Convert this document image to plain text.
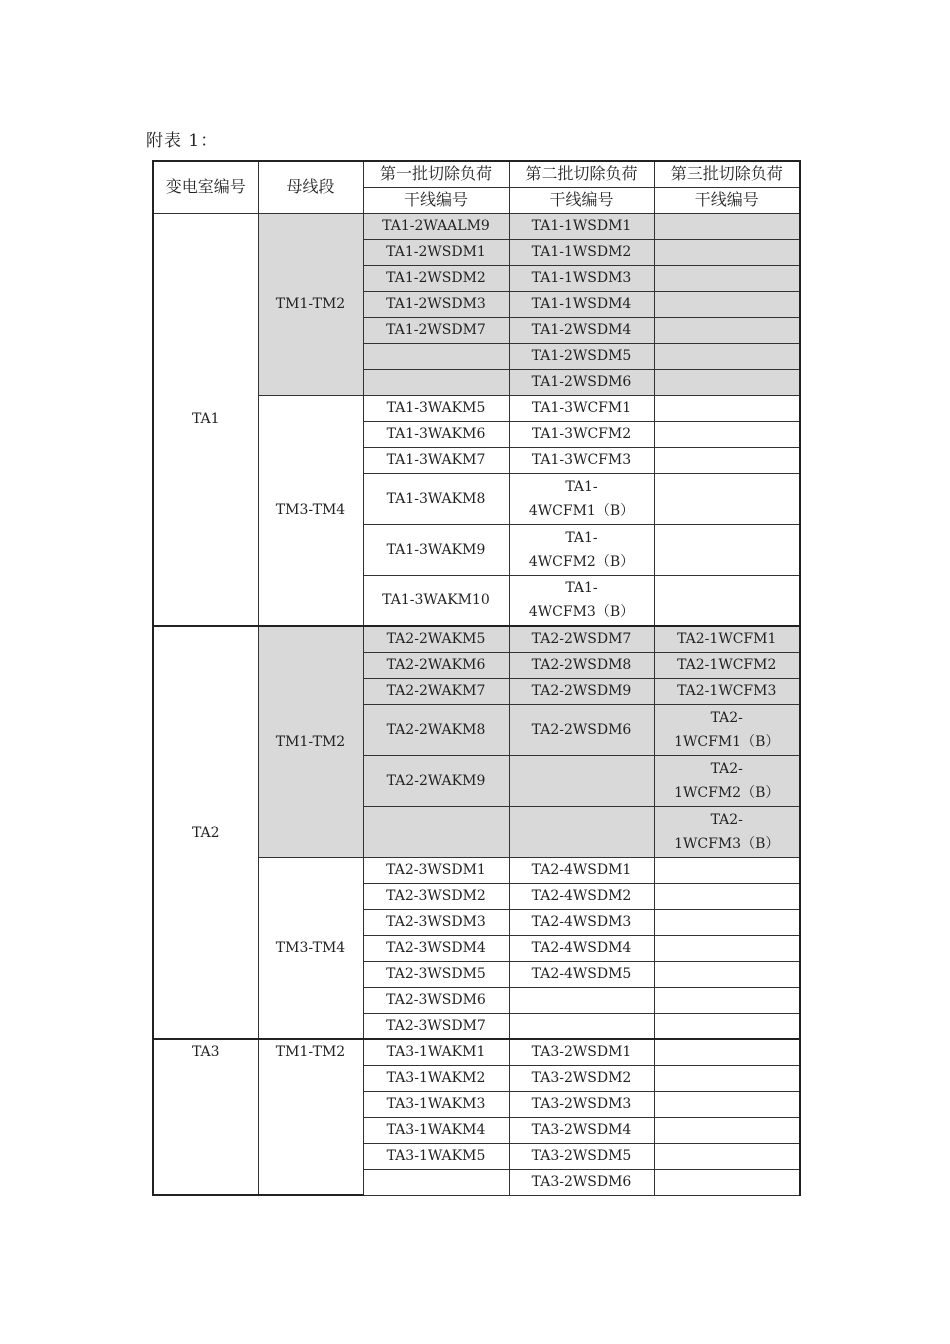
附表 1：
变电室编号	母线段	第一批切除负荷	第二批切除负荷	第三批切除负荷
		干线编号	干线编号	干线编号
TA1	TM1-TM2	TA1-2WAALM9	TA1-1WSDM1	
		TA1-2WSDM1	TA1-1WSDM2	
		TA1-2WSDM2	TA1-1WSDM3	
		TA1-2WSDM3	TA1-1WSDM4	
		TA1-2WSDM7	TA1-2WSDM4	
			TA1-2WSDM5	
			TA1-2WSDM6	
	TM3-TM4	TA1-3WAKM5	TA1-3WCFM1	
		TA1-3WAKM6	TA1-3WCFM2	
		TA1-3WAKM7	TA1-3WCFM3	
		TA1-3WAKM8	TA1-
4WCFM1（B）	
		TA1-3WAKM9	TA1-
4WCFM2（B）	
		TA1-3WAKM10	TA1-
4WCFM3（B）	
TA2	TM1-TM2	TA2-2WAKM5	TA2-2WSDM7	TA2-1WCFM1
		TA2-2WAKM6	TA2-2WSDM8	TA2-1WCFM2
		TA2-2WAKM7	TA2-2WSDM9	TA2-1WCFM3
		TA2-2WAKM8	TA2-2WSDM6	TA2-
1WCFM1（B）
		TA2-2WAKM9		TA2-
1WCFM2（B）
				TA2-
1WCFM3（B）
	TM3-TM4	TA2-3WSDM1	TA2-4WSDM1	
		TA2-3WSDM2	TA2-4WSDM2	
		TA2-3WSDM3	TA2-4WSDM3	
		TA2-3WSDM4	TA2-4WSDM4	
		TA2-3WSDM5	TA2-4WSDM5	
		TA2-3WSDM6		
		TA2-3WSDM7		
TA3	TM1-TM2	TA3-1WAKM1	TA3-2WSDM1	
		TA3-1WAKM2	TA3-2WSDM2	
		TA3-1WAKM3	TA3-2WSDM3	
		TA3-1WAKM4	TA3-2WSDM4	
		TA3-1WAKM5	TA3-2WSDM5	
			TA3-2WSDM6	
